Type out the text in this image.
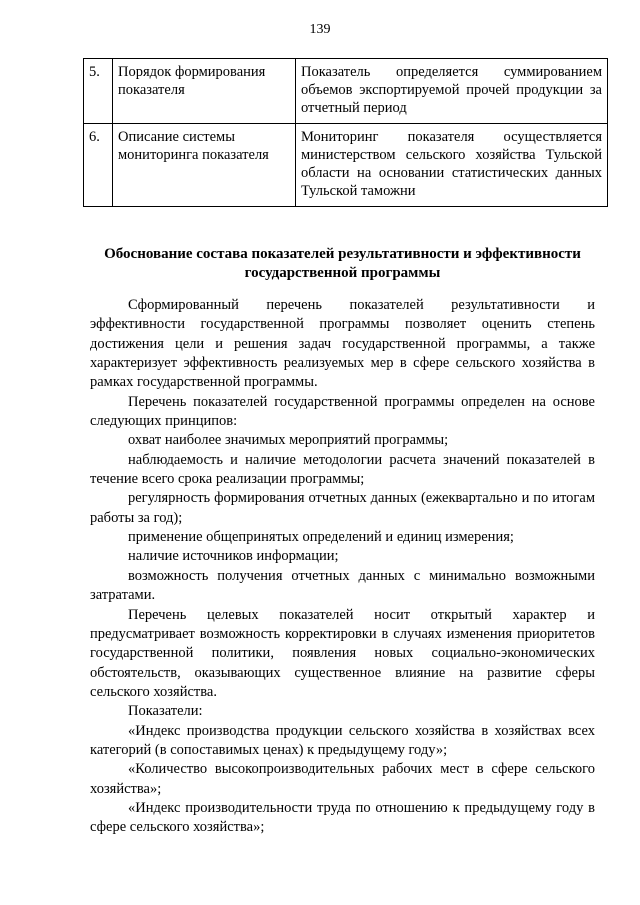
139
5.	Порядок формирования показателя	Показатель определяется суммированием объемов экспортируемой прочей продукции за отчетный период
6.	Описание системы мониторинга показателя	Мониторинг показателя осуществляется министерством сельского хозяйства Тульской области на основании статистических данных Тульской таможни
Обоснование состава показателей результативности и эффективности государственной программы

Сформированный перечень показателей результативности и эффективности государственной программы позволяет оценить степень достижения цели и решения задач государственной программы, а также характеризует эффективность реализуемых мер в сфере сельского хозяйства в рамках государственной программы.

Перечень показателей государственной программы определен на основе следующих принципов:

охват наиболее значимых мероприятий программы;

наблюдаемость и наличие методологии расчета значений показателей в течение всего срока реализации программы;

регулярность формирования отчетных данных (ежеквартально и по итогам работы за год);

применение общепринятых определений и единиц измерения;

наличие источников информации;

возможность получения отчетных данных с минимально возможными затратами.

Перечень целевых показателей носит открытый характер и предусматривает возможность корректировки в случаях изменения приоритетов государственной политики, появления новых социально-экономических обстоятельств, оказывающих существенное влияние на развитие сферы сельского хозяйства.

Показатели:

«Индекс производства продукции сельского хозяйства в хозяйствах всех категорий (в сопоставимых ценах) к предыдущему году»;

«Количество высокопроизводительных рабочих мест в сфере сельского хозяйства»;

«Индекс производительности труда по отношению к предыдущему году в сфере сельского хозяйства»;
